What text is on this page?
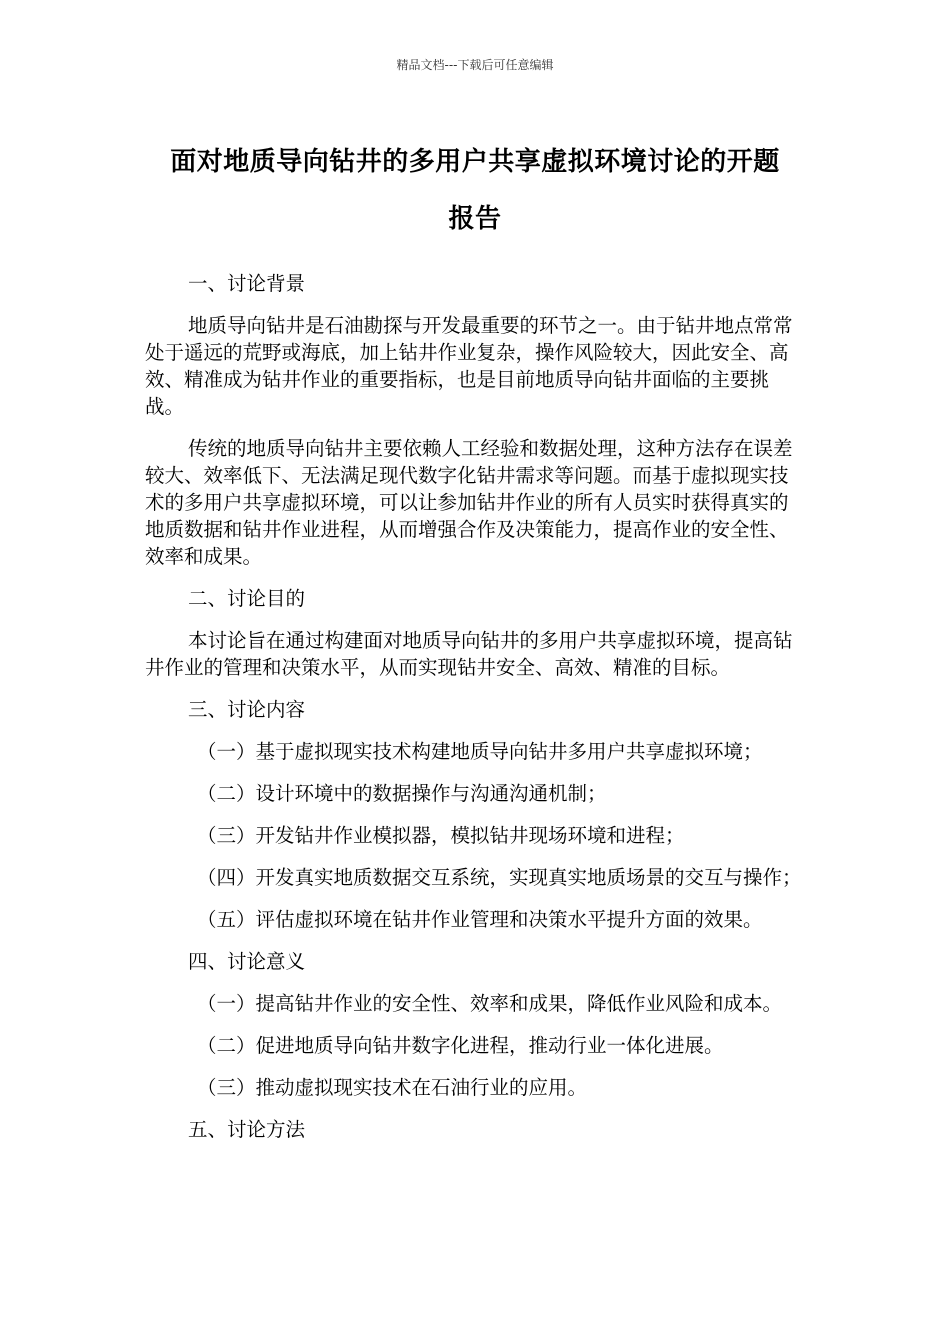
精品文档---下载后可任意编辑
面对地质导向钻井的多用户共享虚拟环境讨论的开题
报告

一、讨论背景

地质导向钻井是石油勘探与开发最重要的环节之一。由于钻井地点常常处于遥远的荒野或海底，加上钻井作业复杂，操作风险较大，因此安全、高效、精准成为钻井作业的重要指标，也是目前地质导向钻井面临的主要挑战。

传统的地质导向钻井主要依赖人工经验和数据处理，这种方法存在误差较大、效率低下、无法满足现代数字化钻井需求等问题。而基于虚拟现实技术的多用户共享虚拟环境，可以让参加钻井作业的所有人员实时获得真实的地质数据和钻井作业进程，从而增强合作及决策能力，提高作业的安全性、效率和成果。

二、讨论目的

本讨论旨在通过构建面对地质导向钻井的多用户共享虚拟环境，提高钻井作业的管理和决策水平，从而实现钻井安全、高效、精准的目标。

三、讨论内容

（一）基于虚拟现实技术构建地质导向钻井多用户共享虚拟环境；

（二）设计环境中的数据操作与沟通沟通机制；

（三）开发钻井作业模拟器，模拟钻井现场环境和进程；

（四）开发真实地质数据交互系统，实现真实地质场景的交互与操作；

（五）评估虚拟环境在钻井作业管理和决策水平提升方面的效果。

四、讨论意义

（一）提高钻井作业的安全性、效率和成果，降低作业风险和成本。

（二）促进地质导向钻井数字化进程，推动行业一体化进展。

（三）推动虚拟现实技术在石油行业的应用。

五、讨论方法
